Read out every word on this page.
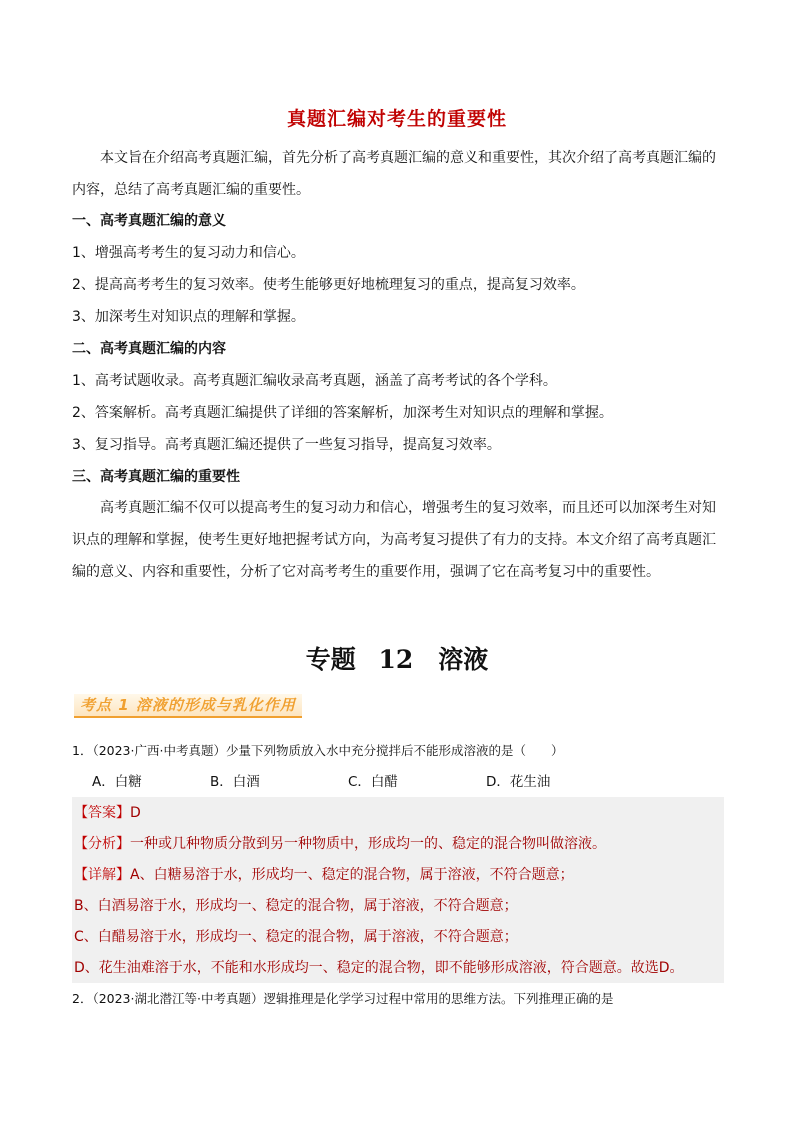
真题汇编对考生的重要性

本文旨在介绍高考真题汇编，首先分析了高考真题汇编的意义和重要性，其次介绍了高考真题汇编的内容，总结了高考真题汇编的重要性。

一、高考真题汇编的意义
1、增强高考考生的复习动力和信心。
2、提高高考考生的复习效率。使考生能够更好地梳理复习的重点，提高复习效率。
3、加深考生对知识点的理解和掌握。
二、高考真题汇编的内容
1、高考试题收录。高考真题汇编收录高考真题，涵盖了高考考试的各个学科。
2、答案解析。高考真题汇编提供了详细的答案解析，加深考生对知识点的理解和掌握。
3、复习指导。高考真题汇编还提供了一些复习指导，提高复习效率。
三、高考真题汇编的重要性

高考真题汇编不仅可以提高考生的复习动力和信心，增强考生的复习效率，而且还可以加深考生对知识点的理解和掌握，使考生更好地把握考试方向，为高考复习提供了有力的支持。本文介绍了高考真题汇编的意义、内容和重要性，分析了它对高考考生的重要作用，强调了它在高考复习中的重要性。

专题 12　溶液
考点 1 溶液的形成与乳化作用
1．（2023·广西·中考真题）少量下列物质放入水中充分搅拌后不能形成溶液的是（　　）
A．白糖	B．白酒	C．白醋	D．花生油
【答案】D
【分析】一种或几种物质分散到另一种物质中，形成均一的、稳定的混合物叫做溶液。
【详解】A、白糖易溶于水，形成均一、稳定的混合物，属于溶液，不符合题意；
B、白酒易溶于水，形成均一、稳定的混合物，属于溶液，不符合题意；
C、白醋易溶于水，形成均一、稳定的混合物，属于溶液，不符合题意；
D、花生油难溶于水，不能和水形成均一、稳定的混合物，即不能够形成溶液，符合题意。故选D。
2．（2023·湖北潜江等·中考真题）逻辑推理是化学学习过程中常用的思维方法。下列推理正确的是
